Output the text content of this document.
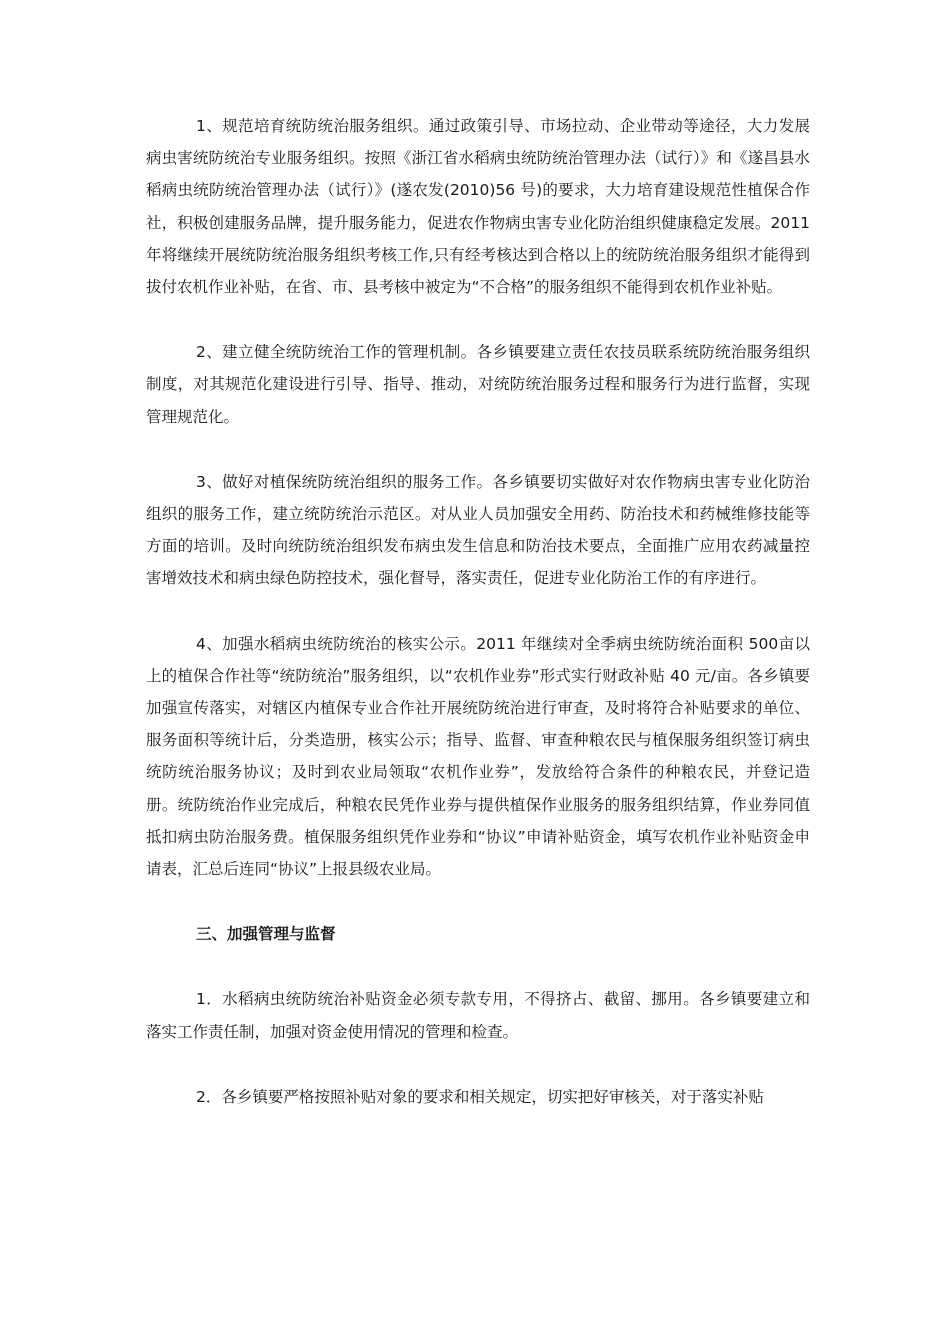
1、规范培育统防统治服务组织。通过政策引导、市场拉动、企业带动等途径，大力发展病虫害统防统治专业服务组织。按照《浙江省水稻病虫统防统治管理办法（试行）》和《遂昌县水稻病虫统防统治管理办法（试行）》(遂农发(2010)56 号)的要求，大力培育建设规范性植保合作社，积极创建服务品牌，提升服务能力，促进农作物病虫害专业化防治组织健康稳定发展。2011 年将继续开展统防统治服务组织考核工作,只有经考核达到合格以上的统防统治服务组织才能得到拔付农机作业补贴，在省、市、县考核中被定为“不合格”的服务组织不能得到农机作业补贴。

2、建立健全统防统治工作的管理机制。各乡镇要建立责任农技员联系统防统治服务组织制度，对其规范化建设进行引导、指导、推动，对统防统治服务过程和服务行为进行监督，实现管理规范化。

3、做好对植保统防统治组织的服务工作。各乡镇要切实做好对农作物病虫害专业化防治组织的服务工作，建立统防统治示范区。对从业人员加强安全用药、防治技术和药械维修技能等方面的培训。及时向统防统治组织发布病虫发生信息和防治技术要点，全面推广应用农药减量控害增效技术和病虫绿色防控技术，强化督导，落实责任，促进专业化防治工作的有序进行。

4、加强水稻病虫统防统治的核实公示。2011 年继续对全季病虫统防统治面积 500亩以上的植保合作社等“统防统治”服务组织，以“农机作业券”形式实行财政补贴 40 元/亩。各乡镇要加强宣传落实，对辖区内植保专业合作社开展统防统治进行审查，及时将符合补贴要求的单位、服务面积等统计后，分类造册，核实公示；指导、监督、审查种粮农民与植保服务组织签订病虫统防统治服务协议；及时到农业局领取“农机作业券”，发放给符合条件的种粮农民，并登记造册。统防统治作业完成后，种粮农民凭作业券与提供植保作业服务的服务组织结算，作业券同值抵扣病虫防治服务费。植保服务组织凭作业券和“协议”申请补贴资金，填写农机作业补贴资金申请表，汇总后连同“协议”上报县级农业局。

三、加强管理与监督

1．水稻病虫统防统治补贴资金必须专款专用，不得挤占、截留、挪用。各乡镇要建立和落实工作责任制，加强对资金使用情况的管理和检查。

2．各乡镇要严格按照补贴对象的要求和相关规定，切实把好审核关，对于落实补贴
